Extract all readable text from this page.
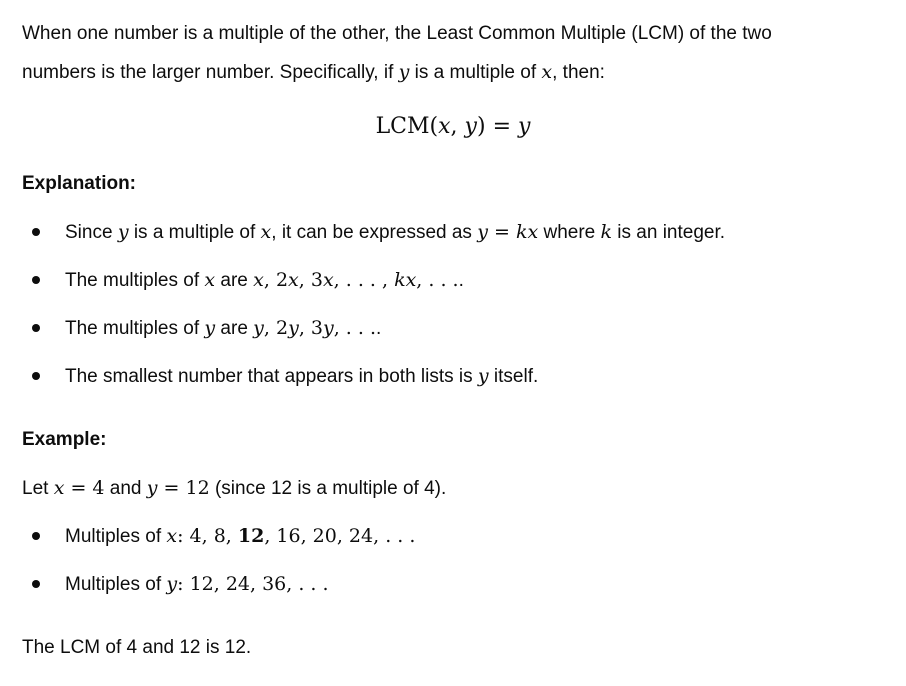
When one number is a multiple of the other, the Least Common Multiple (LCM) of the two
numbers is the larger number. Specifically, if y is a multiple of x, then:
LCM(x, y) = y
Explanation:
Since y is a multiple of x, it can be expressed as y = kx where k is an integer.
The multiples of x are x, 2x, 3x, . . . , kx, . . ..
The multiples of y are y, 2y, 3y, . . ..
The smallest number that appears in both lists is y itself.
Example:
Let x = 4 and y = 12 (since 12 is a multiple of 4).
Multiples of x: 4, 8, 12, 16, 20, 24, . . .
Multiples of y: 12, 24, 36, . . .
The LCM of 4 and 12 is 12.
